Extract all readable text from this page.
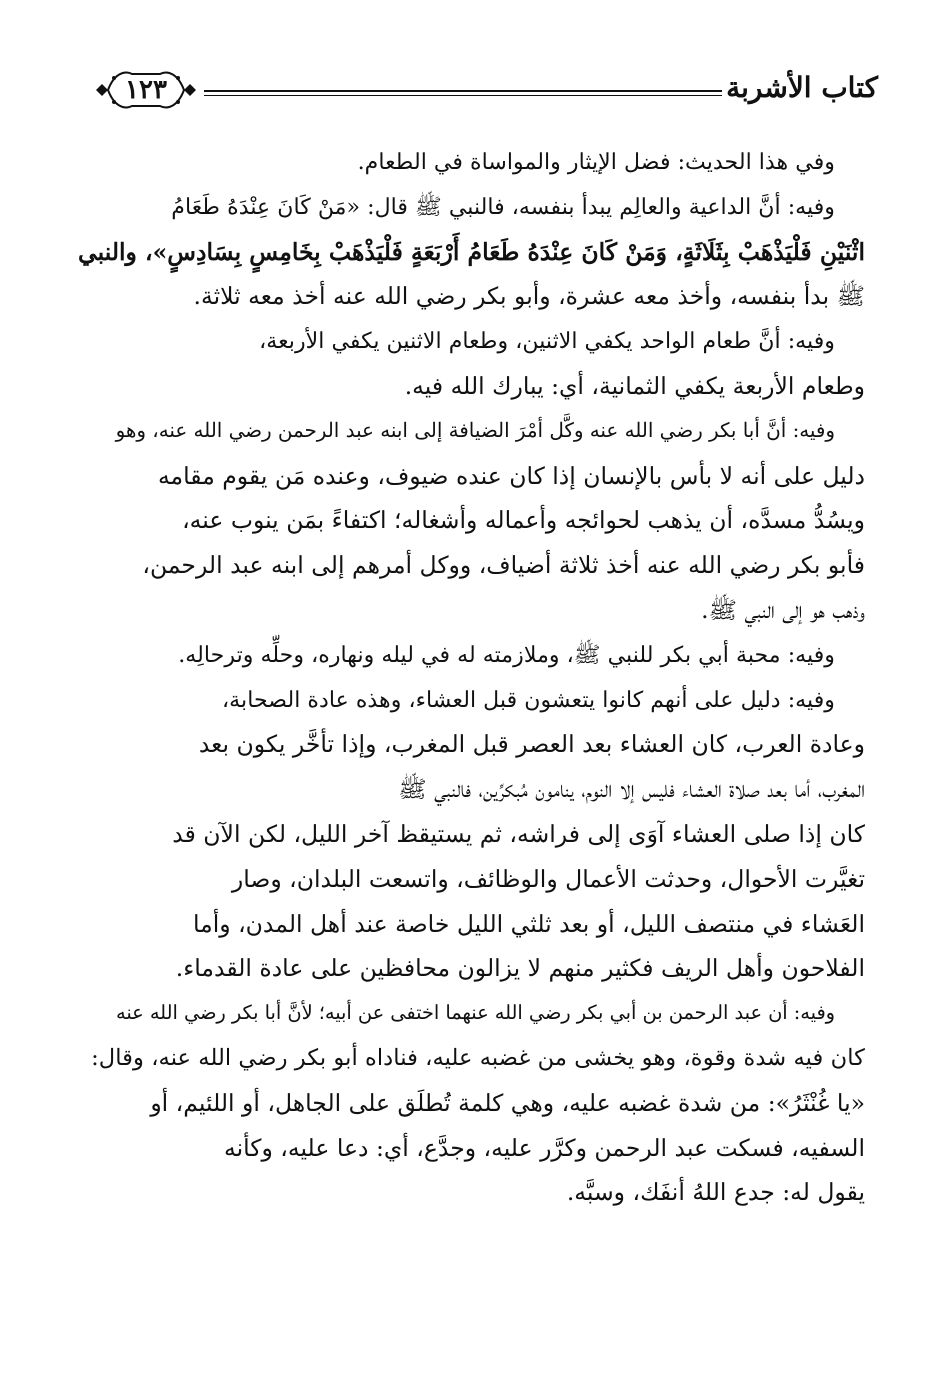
كتاب الأشربة
١٢٣

وفي هذا الحديث: فضل الإيثار والمواساة في الطعام.

وفيه: أنَّ الداعية والعالِم يبدأ بنفسه، فالنبي ﷺ قال: «مَنْ كَانَ عِنْدَهُ طَعَامُ
اثْنَيْنِ فَلْيَذْهَبْ بِثَلَاثَةٍ، وَمَنْ كَانَ عِنْدَهُ طَعَامُ أَرْبَعَةٍ فَلْيَذْهَبْ بِخَامِسٍ بِسَادِسٍ»، والنبي
ﷺ بدأ بنفسه، وأخذ معه عشرة، وأبو بكر رضي الله عنه أخذ معه ثلاثة.

وفيه: أنَّ طعام الواحد يكفي الاثنين، وطعام الاثنين يكفي الأربعة،
وطعام الأربعة يكفي الثمانية، أي: يبارك الله فيه.

وفيه: أنَّ أبا بكر رضي الله عنه وكَّل أمْرَ الضيافة إلى ابنه عبد الرحمن رضي الله عنه، وهو
دليل على أنه لا بأس بالإنسان إذا كان عنده ضيوف، وعنده مَن يقوم مقامه
ويسُدُّ مسدَّه، أن يذهب لحوائجه وأعماله وأشغاله؛ اكتفاءً بمَن ينوب عنه،
فأبو بكر رضي الله عنه أخذ ثلاثة أضياف، ووكل أمرهم إلى ابنه عبد الرحمن،
وذهب هو إلى النبي ﷺ.

وفيه: محبة أبي بكر للنبي ﷺ، وملازمته له في ليله ونهاره، وحلِّه وترحالِه.

وفيه: دليل على أنهم كانوا يتعشون قبل العشاء، وهذه عادة الصحابة،
وعادة العرب، كان العشاء بعد العصر قبل المغرب، وإذا تأخَّر يكون بعد
المغرب، أما بعد صلاة العشاء فليس إلا النوم، ينامون مُبكرِّين، فالنبي ﷺ
كان إذا صلى العشاء آوَى إلى فراشه، ثم يستيقظ آخر الليل، لكن الآن قد
تغيَّرت الأحوال، وحدثت الأعمال والوظائف، واتسعت البلدان، وصار
العَشاء في منتصف الليل، أو بعد ثلثي الليل خاصة عند أهل المدن، وأما
الفلاحون وأهل الريف فكثير منهم لا يزالون محافظين على عادة القدماء.

وفيه: أن عبد الرحمن بن أبي بكر رضي الله عنهما اختفى عن أبيه؛ لأنَّ أبا بكر رضي الله عنه
كان فيه شدة وقوة، وهو يخشى من غضبه عليه، فناداه أبو بكر رضي الله عنه، وقال:
«يا غُنْثَرُ»: من شدة غضبه عليه، وهي كلمة تُطلَق على الجاهل، أو اللئيم، أو
السفيه، فسكت عبد الرحمن وكرَّر عليه، وجدَّع، أي: دعا عليه، وكأنه
يقول له: جدع اللهُ أنفَك، وسبَّه.
